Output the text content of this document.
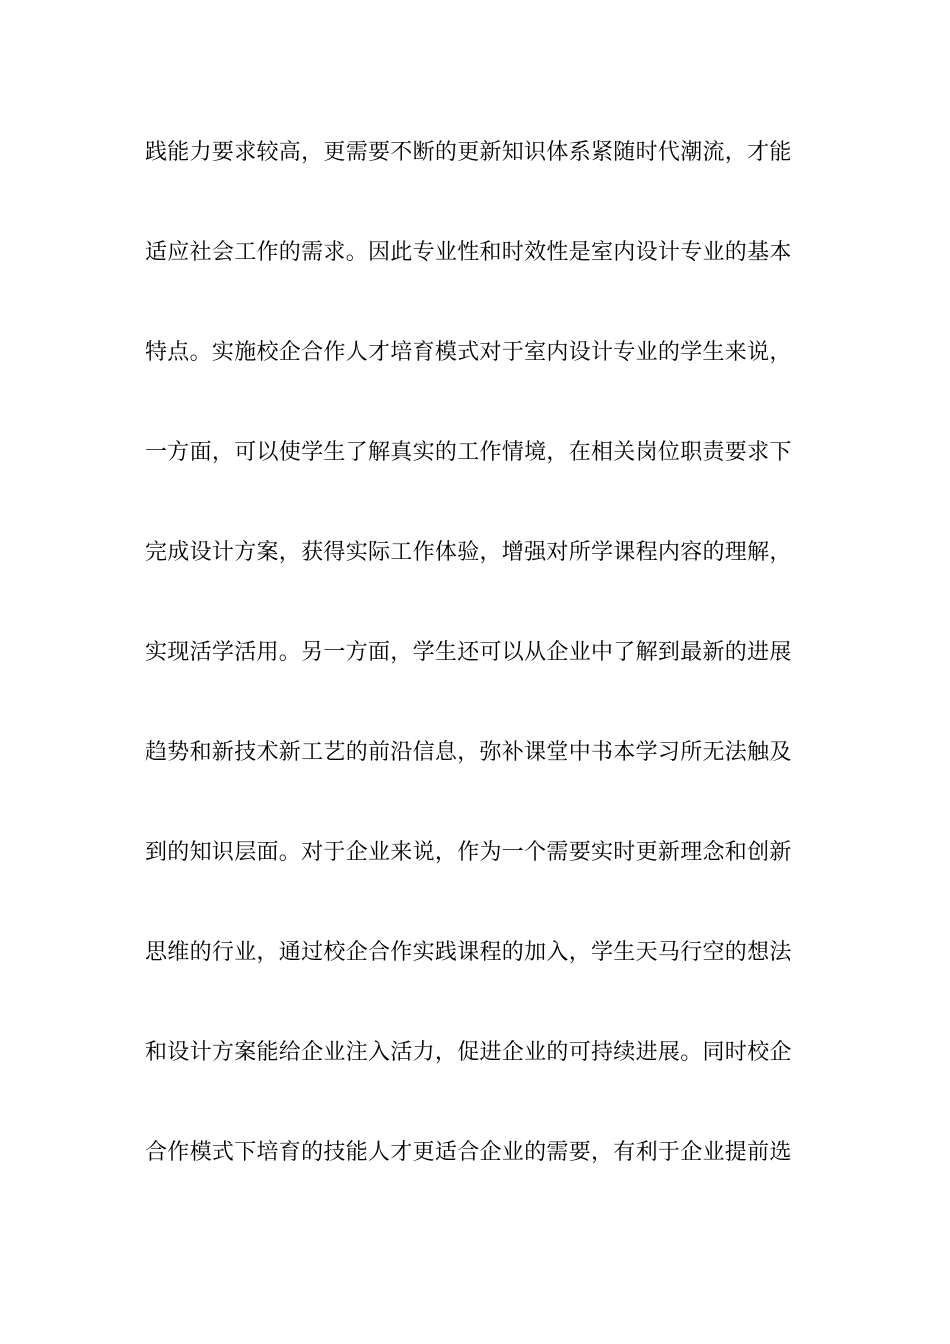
践能力要求较高，更需要不断的更新知识体系紧随时代潮流，才能
适应社会工作的需求。因此专业性和时效性是室内设计专业的基本
特点。实施校企合作人才培育模式对于室内设计专业的学生来说，
一方面，可以使学生了解真实的工作情境，在相关岗位职责要求下
完成设计方案，获得实际工作体验，增强对所学课程内容的理解，
实现活学活用。另一方面，学生还可以从企业中了解到最新的进展
趋势和新技术新工艺的前沿信息，弥补课堂中书本学习所无法触及
到的知识层面。对于企业来说，作为一个需要实时更新理念和创新
思维的行业，通过校企合作实践课程的加入，学生天马行空的想法
和设计方案能给企业注入活力，促进企业的可持续进展。同时校企
合作模式下培育的技能人才更适合企业的需要，有利于企业提前选
